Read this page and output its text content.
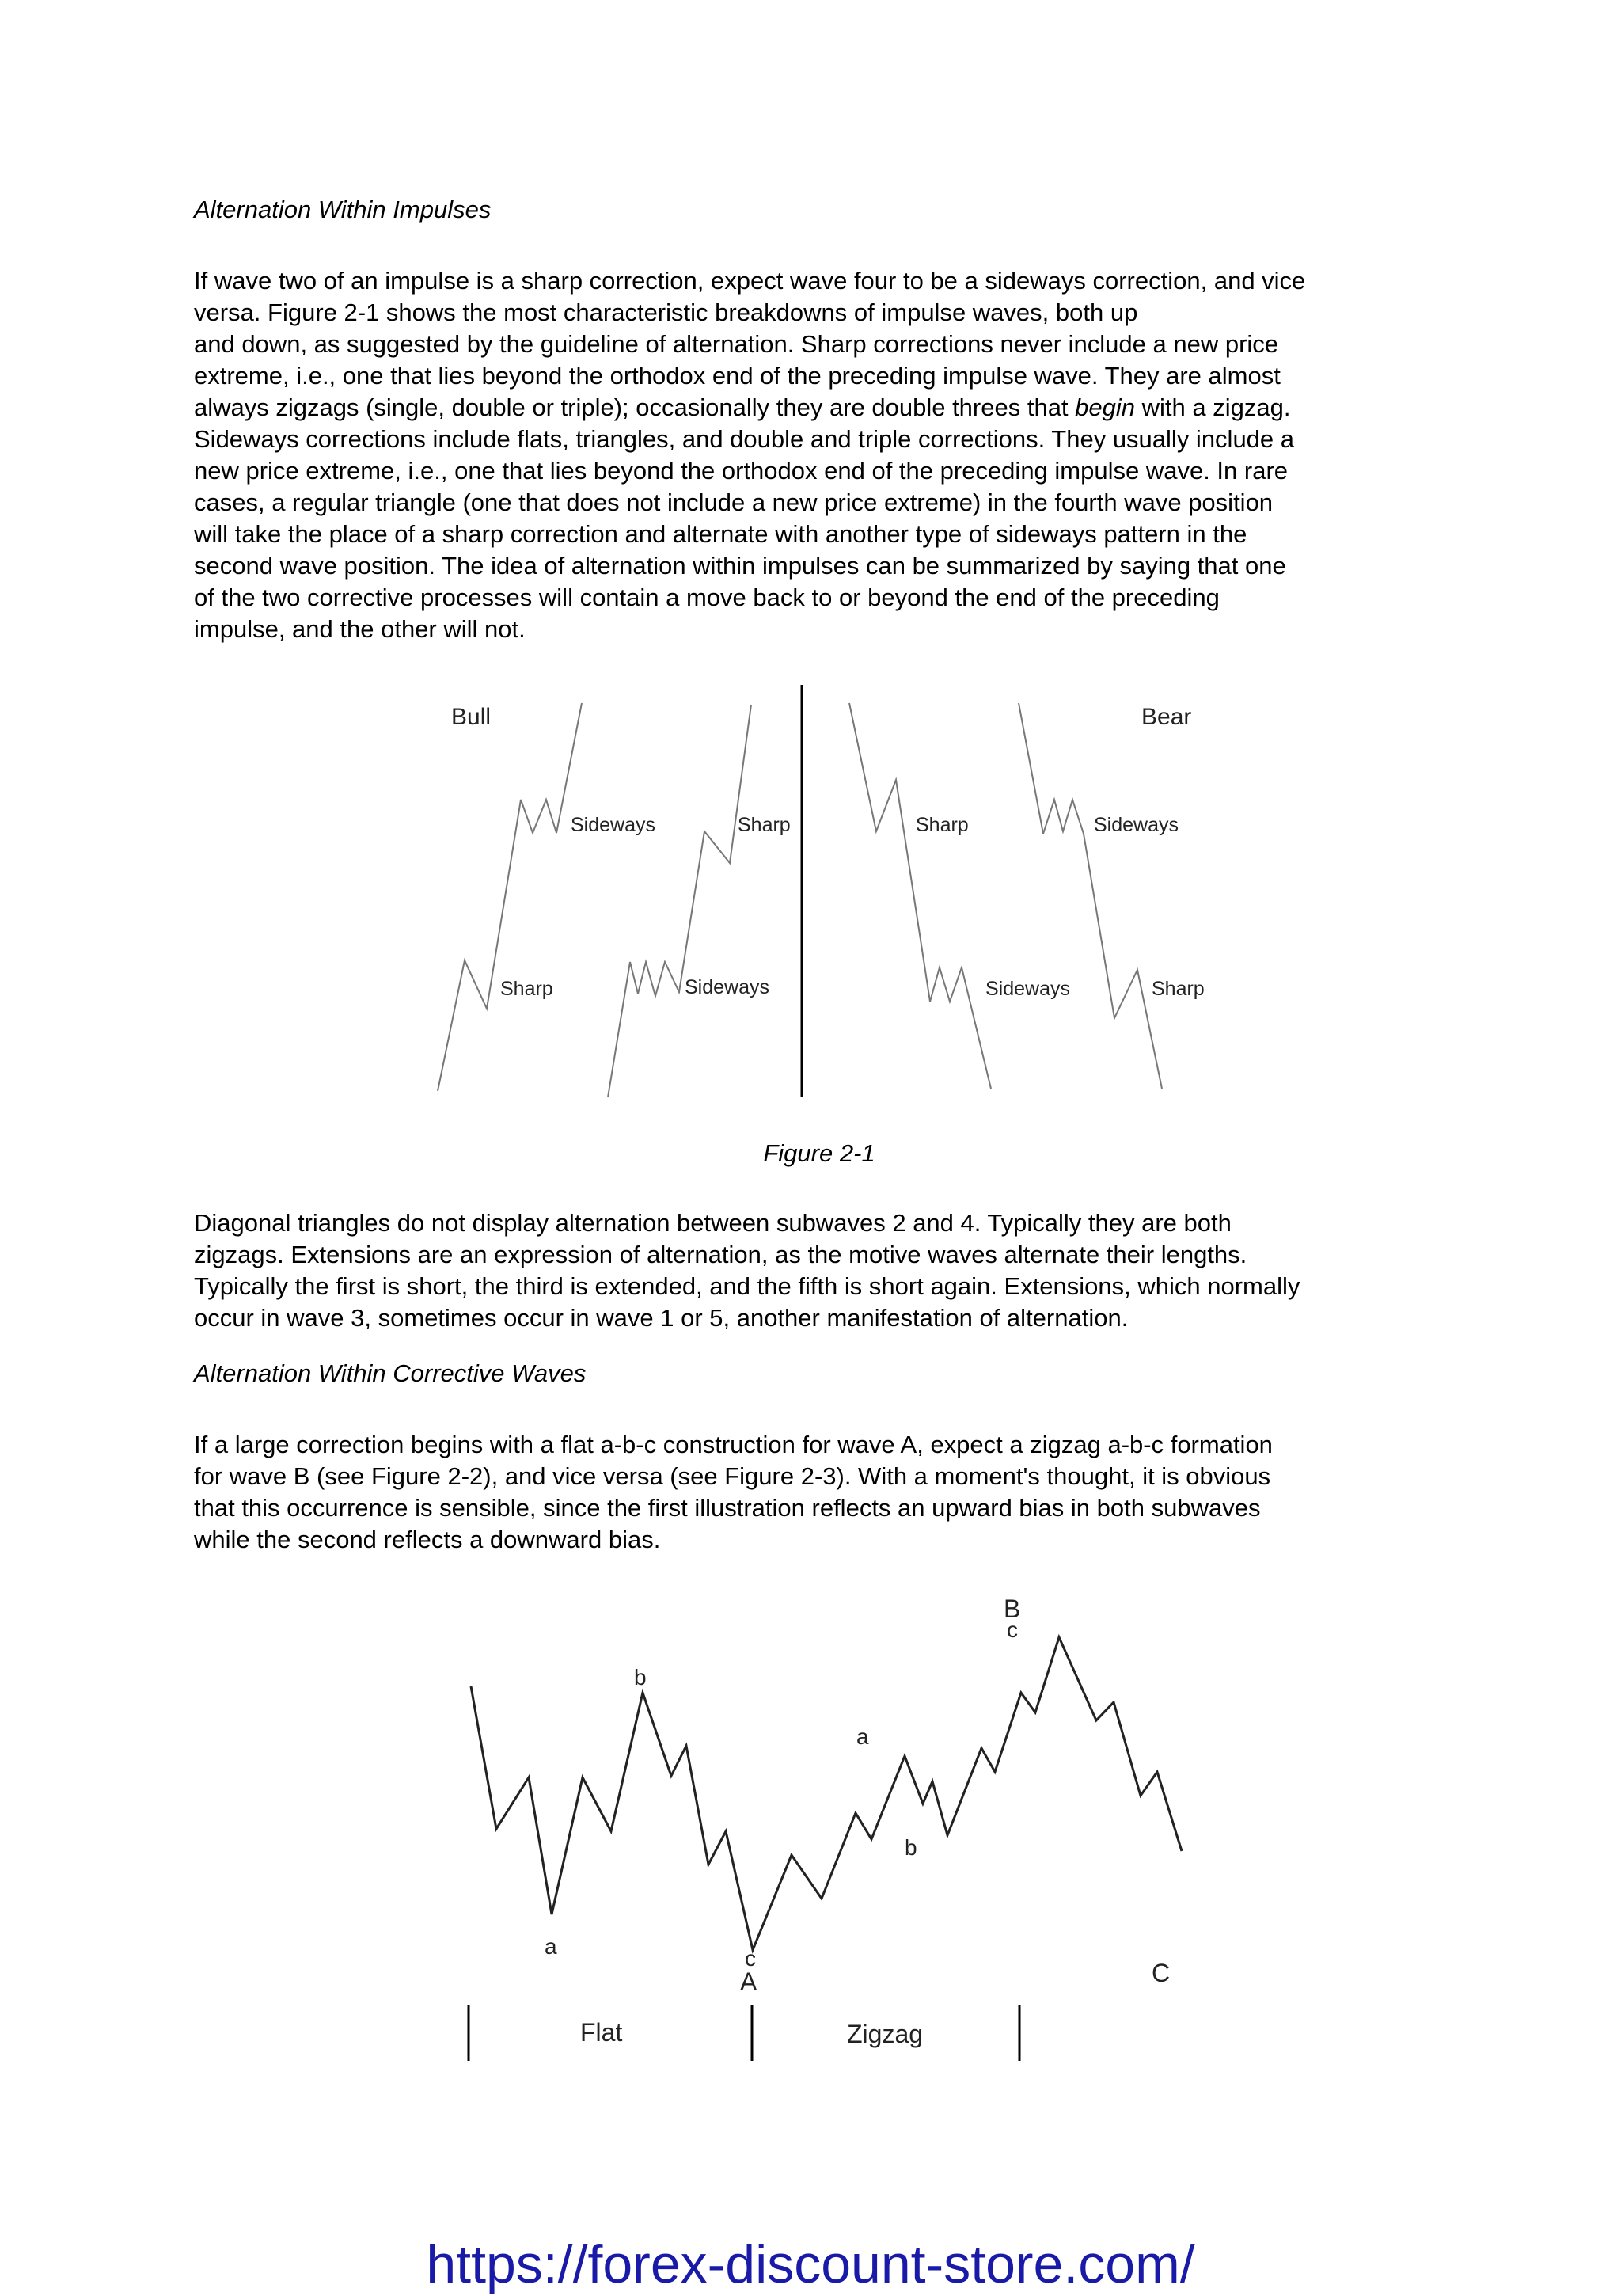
Alternation Within Impulses
If wave two of an impulse is a sharp correction, expect wave four to be a sideways correction, and vice
versa. Figure 2-1 shows the most characteristic breakdowns of impulse waves, both up
and down, as suggested by the guideline of alternation. Sharp corrections never include a new price
extreme, i.e., one that lies beyond the orthodox end of the preceding impulse wave. They are almost
always zigzags (single, double or triple); occasionally they are double threes that begin with a zigzag.
Sideways corrections include flats, triangles, and double and triple corrections. They usually include a
new price extreme, i.e., one that lies beyond the orthodox end of the preceding impulse wave. In rare
cases, a regular triangle (one that does not include a new price extreme) in the fourth wave position
will take the place of a sharp correction and alternate with another type of sideways pattern in the
second wave position. The idea of alternation within impulses can be summarized by saying that one
of the two corrective processes will contain a move back to or beyond the end of the preceding
impulse, and the other will not.
Bull	Bear
Sideways
Sharp
Sharp
Sideways
Sharp
Sideways
Sideways
Sharp
Figure 2-1
Diagonal triangles do not display alternation between subwaves 2 and 4. Typically they are both
zigzags. Extensions are an expression of alternation, as the motive waves alternate their lengths.
Typically the first is short, the third is extended, and the fifth is short again. Extensions, which normally
occur in wave 3, sometimes occur in wave 1 or 5, another manifestation of alternation.
Alternation Within Corrective Waves
If a large correction begins with a flat a-b-c construction for wave A, expect a zigzag a-b-c formation
for wave B (see Figure 2-2), and vice versa (see Figure 2-3). With a moment's thought, it is obvious
that this occurrence is sensible, since the first illustration reflects an upward bias in both subwaves
while the second reflects a downward bias.
B
c
b
a	c
A
a
b
C
Flat	Zigzag
https://forex-discount-store.com/
